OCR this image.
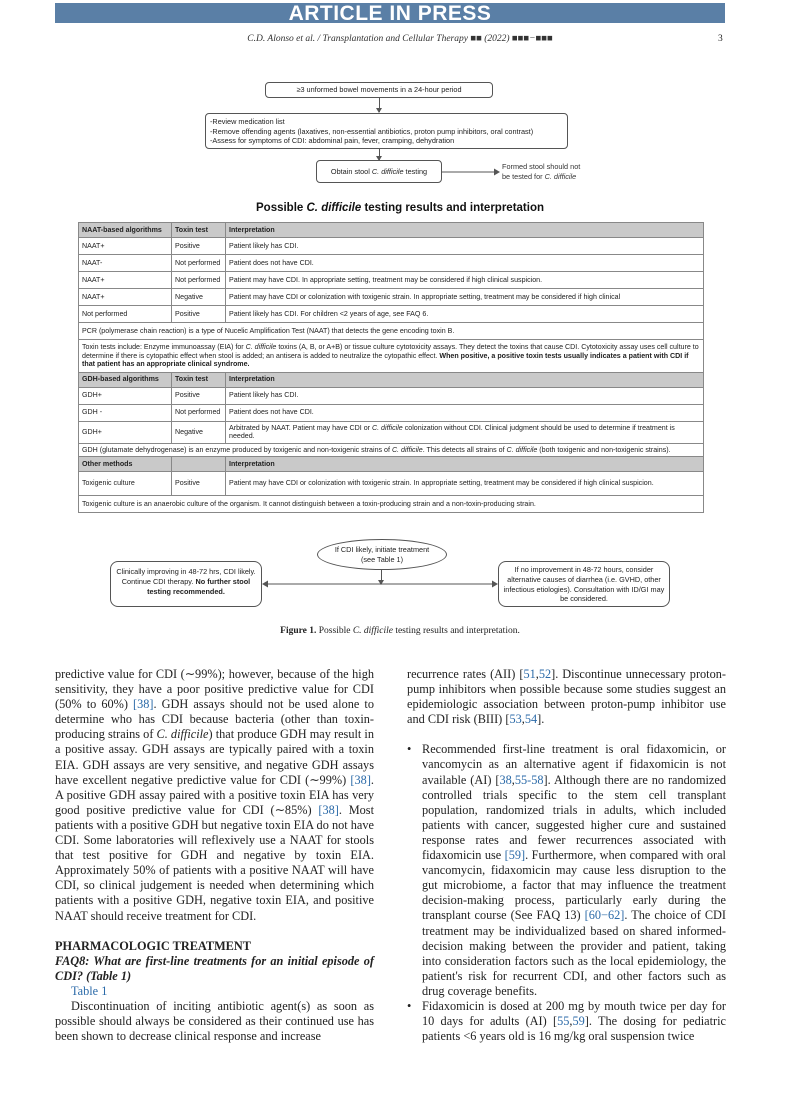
ARTICLE IN PRESS
C.D. Alonso et al. / Transplantation and Cellular Therapy ■■ (2022) ■■■−■■■	3
≥3 unformed bowel movements in a 24-hour period
-Review medication list
-Remove offending agents (laxatives, non-essential antibiotics, proton pump inhibitors, oral contrast)
-Assess for symptoms of CDI: abdominal pain, fever, cramping, dehydration
Obtain stool C. difficile testing
Formed stool should not
be tested for C. difficile
Possible C. difficile testing results and interpretation
NAAT-based algorithms	Toxin test	Interpretation
NAAT+	Positive	Patient likely has CDI.
NAAT-	Not performed	Patient does not have CDI.
NAAT+	Not performed	Patient may have CDI. In appropriate setting, treatment may be considered if high clinical suspicion.
NAAT+	Negative	Patient may have CDI or colonization with toxigenic strain. In appropriate setting, treatment may be considered if high clinical
Not performed	Positive	Patient likely has CDI. For children <2 years of age, see FAQ 6.
PCR (polymerase chain reaction) is a type of Nucelic Amplification Test (NAAT) that detects the gene encoding toxin B.		
Toxin tests include: Enzyme immunoassay (EIA) for C. difficile toxins (A, B, or A+B) or tissue culture cytotoxicity assays. They detect the toxins that cause CDI. Cytotoxicity assay uses cell culture to determine if there is cytopathic effect when stool is added; an antisera is added to neutralize the cytopathic effect. When positive, a positive toxin tests usually indicates a patient with CDI if that patient has an appropriate clinical syndrome.		
GDH-based algorithms	Toxin test	Interpretation
GDH+	Positive	Patient likely has CDI.
GDH -	Not performed	Patient does not have CDI.
GDH+	Negative	Arbitrated by NAAT. Patient may have CDI or C. difficile colonization without CDI. Clinical judgment should be used to determine if treatment is needed.
GDH (glutamate dehydrogenase) is an enzyme produced by toxigenic and non-toxigenic strains of C. difficile. This detects all strains of C. difficile (both toxigenic and non-toxigenic strains).		
Other methods		Interpretation
Toxigenic culture	Positive	Patient may have CDI or colonization with toxigenic strain. In appropriate setting, treatment may be considered if high clinical suspicion.
Toxigenic culture is an anaerobic culture of the organism. It cannot distinguish between a toxin-producing strain and a non-toxin-producing strain.		
If CDI likely, initiate treatment
(see Table 1)
Clinically improving in 48-72 hrs, CDI likely. Continue CDI therapy. No further stool testing recommended.
If no improvement in 48-72 hours, consider alternative causes of diarrhea (i.e. GVHD, other infectious etiologies). Consultation with ID/GI may be considered.
Figure 1. Possible C. difficile testing results and interpretation.

predictive value for CDI (∼99%); however, because of the high sensitivity, they have a poor positive predictive value for CDI (50% to 60%) [38]. GDH assays should not be used alone to determine who has CDI because bacteria (other than toxin-producing strains of C. difficile) that produce GDH may result in a positive assay. GDH assays are typically paired with a toxin EIA. GDH assays are very sensitive, and negative GDH assays have excellent negative predictive value for CDI (∼99%) [38]. A positive GDH assay paired with a positive toxin EIA has very good positive predictive value for CDI (∼85%) [38]. Most patients with a positive GDH but negative toxin EIA do not have CDI. Some laboratories will reflexively use a NAAT for stools that test positive for GDH and negative by toxin EIA. Approximately 50% of patients with a positive NAAT will have CDI, so clinical judgement is needed when determining which patients with a positive GDH, negative toxin EIA, and positive NAAT should receive treatment for CDI.

PHARMACOLOGIC TREATMENT

FAQ8: What are first-line treatments for an initial episode of CDI? (Table 1)

Table 1

Discontinuation of inciting antibiotic agent(s) as soon as possible should always be considered as their continued use has been shown to decrease clinical response and increase

recurrence rates (AII) [51,52]. Discontinue unnecessary proton-pump inhibitors when possible because some studies suggest an epidemiologic association between proton-pump inhibitor use and CDI risk (BIII) [53,54].

• Recommended first-line treatment is oral fidaxomicin, or vancomycin as an alternative agent if fidaxomicin is not available (AI) [38,55-58]. Although there are no randomized controlled trials specific to the stem cell transplant population, randomized trials in adults, which included patients with cancer, suggested higher cure and sustained response rates and fewer recurrences associated with fidaxomicin use [59]. Furthermore, when compared with oral vancomycin, fidaxomicin may cause less disruption to the gut microbiome, a factor that may influence the treatment decision-making process, particularly early during the transplant course (See FAQ 13) [60−62]. The choice of CDI treatment may be individualized based on shared informed-decision making between the provider and patient, taking into consideration factors such as the local epidemiology, the patient's risk for recurrent CDI, and other factors such as drug coverage benefits.

• Fidaxomicin is dosed at 200 mg by mouth twice per day for 10 days for adults (AI) [55,59]. The dosing for pediatric patients <6 years old is 16 mg/kg oral suspension twice
